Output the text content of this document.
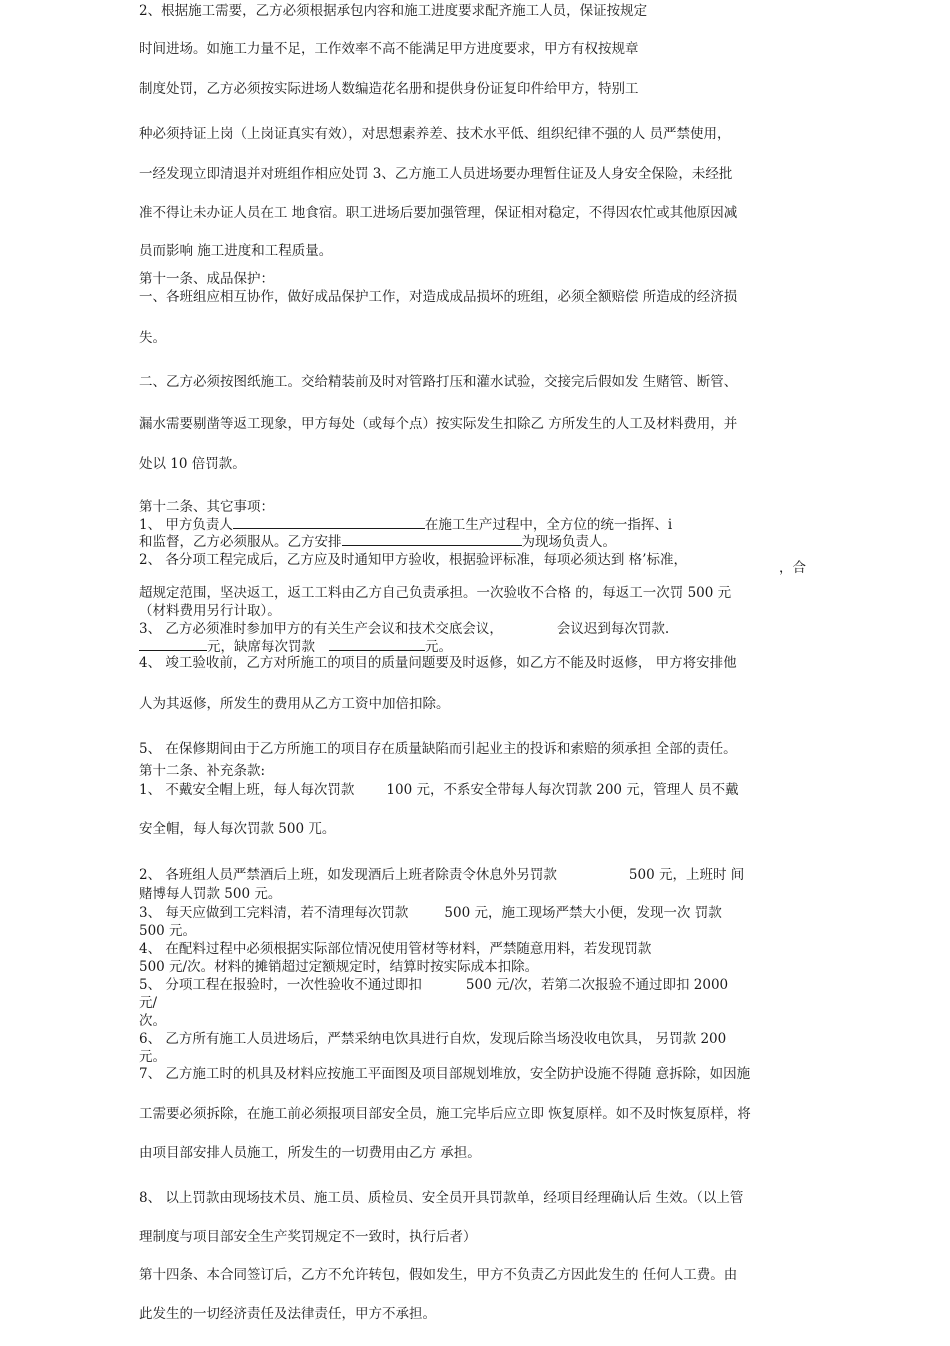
2、根据施工需要，乙方必须根据承包内容和施工进度要求配齐施工人员，保证按规定
时间进场。如施工力量不足，工作效率不高不能满足甲方进度要求，甲方有权按规章
制度处罚，乙方必须按实际进场人数编造花名册和提供身份证复印件给甲方，特别工
种必须持证上岗（上岗证真实有效），对思想素养差、技术水平低、组织纪律不强的人 员严禁使用，
一经发现立即清退并对班组作相应处罚 3、乙方施工人员进场要办理暂住证及人身安全保险，未经批
准不得让未办证人员在工 地食宿。职工进场后要加强管理，保证相对稳定，不得因农忙或其他原因减
员而影响 施工进度和工程质量。
第十一条、成品保护：
一、各班组应相互协作，做好成品保护工作，对造成成品损坏的班组，必须全额赔偿 所造成的经济损
失。
二、乙方必须按图纸施工。交给精装前及时对管路打压和灌水试验，交接完后假如发 生赌管、断管、
漏水需要剔凿等返工现象，甲方每处（或每个点）按实际发生扣除乙 方所发生的人工及材料费用，并
处以 10 倍罚款。
第十二条、其它事项：
1、 甲方负责人	在施工生产过程中，全方位的统一指挥、i
和监督，乙方必须服从。乙方安排	为现场负责人。
2、 各分项工程完成后，乙方应及时通知甲方验收，根据验评标准，每项必须达到 格’标准，	，合
超规定范围，坚决返工，返工工料由乙方自己负责承担。一次验收不合格 的，每返工一次罚 500 元
（材料费用另行计取）。
3、 乙方必须准时参加甲方的有关生产会议和技术交底会议，	会议迟到每次罚款.
元，缺席每次罚款	元。
4、 竣工验收前，乙方对所施工的项目的质量问题要及时返修，如乙方不能及时返修， 甲方将安排他
人为其返修，所发生的费用从乙方工资中加倍扣除。
5、 在保修期间由于乙方所施工的项目存在质量缺陷而引起业主的投诉和索赔的须承担 全部的责任。
第十二条、补充条款:
1、 不戴安全帽上班，每人每次罚款 100 元，不系安全带每人每次罚款 200 元，管理人 员不戴
安全帽，每人每次罚款 500 兀。
2、 各班组人员严禁酒后上班，如发现酒后上班者除责令休息外另罚款	500 元，上班时 间
赌博每人罚款 500 元。
3、 每天应做到工完料清，若不清理每次罚款	500 元，施工现场严禁大小便，发现一次 罚款
500 元。
4、 在配料过程中必须根据实际部位情况使用管材等材料，严禁随意用料，若发现罚款
500 元/次。材料的摊销超过定额规定时，结算时按实际成本扣除。
5、 分项工程在报验时，一次性验收不通过即扣	500 元/次，若第二次报验不通过即扣 2000
元/
次。
6、 乙方所有施工人员进场后，严禁采纳电饮具进行自炊，发现后除当场没收电饮具， 另罚款 200
元。
7、 乙方施工时的机具及材料应按施工平面图及项目部规划堆放，安全防护设施不得随 意拆除，如因施
工需要必须拆除，在施工前必须报项目部安全员，施工完毕后应立即 恢复原样。如不及时恢复原样，将
由项目部安排人员施工，所发生的一切费用由乙方 承担。
8、 以上罚款由现场技术员、施工员、质检员、安全员开具罚款单，经项目经理确认后 生效。（以上管
理制度与项目部安全生产奖罚规定不一致时，执行后者）
第十四条、本合同签订后，乙方不允许转包，假如发生，甲方不负责乙方因此发生的 任何人工费。由
此发生的一切经济责任及法律责任，甲方不承担。
